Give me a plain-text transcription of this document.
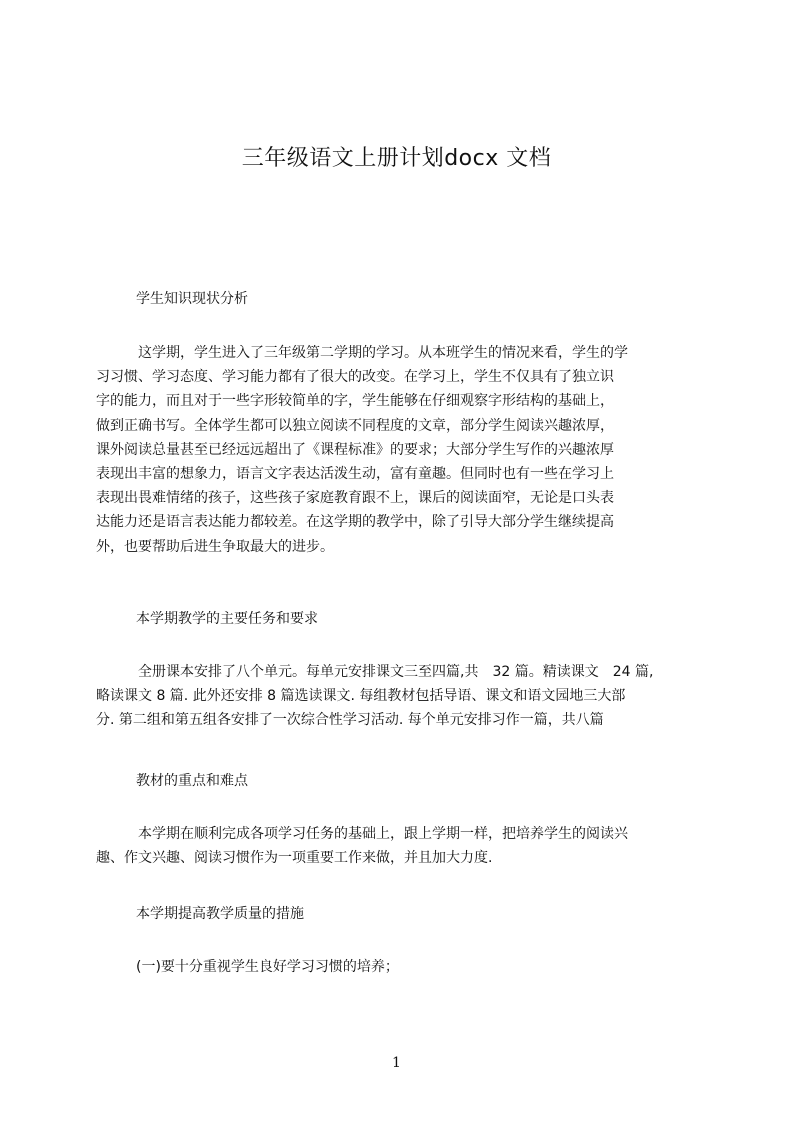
三年级语文上册计划docx 文档
学生知识现状分析
这学期，学生进入了三年级第二学期的学习。从本班学生的情况来看，学生的学
习习惯、学习态度、学习能力都有了很大的改变。在学习上，学生不仅具有了独立识
字的能力，而且对于一些字形较简单的字，学生能够在仔细观察字形结构的基础上，
做到正确书写。全体学生都可以独立阅读不同程度的文章，部分学生阅读兴趣浓厚，
课外阅读总量甚至已经远远超出了《课程标准》的要求；大部分学生写作的兴趣浓厚
表现出丰富的想象力，语言文字表达活泼生动，富有童趣。但同时也有一些在学习上
表现出畏难情绪的孩子，这些孩子家庭教育跟不上，课后的阅读面窄，无论是口头表
达能力还是语言表达能力都较差。在这学期的教学中，除了引导大部分学生继续提高
外，也要帮助后进生争取最大的进步。
本学期教学的主要任务和要求
全册课本安排了八个单元。每单元安排课文三至四篇,共　32 篇。精读课文　24 篇,
略读课文 8 篇. 此外还安排 8 篇选读课文. 每组教材包括导语、课文和语文园地三大部
分. 第二组和第五组各安排了一次综合性学习活动. 每个单元安排习作一篇，共八篇
教材的重点和难点
本学期在顺利完成各项学习任务的基础上，跟上学期一样，把培养学生的阅读兴
趣、作文兴趣、阅读习惯作为一项重要工作来做，并且加大力度.
本学期提高教学质量的措施
(一)要十分重视学生良好学习习惯的培养；
1
